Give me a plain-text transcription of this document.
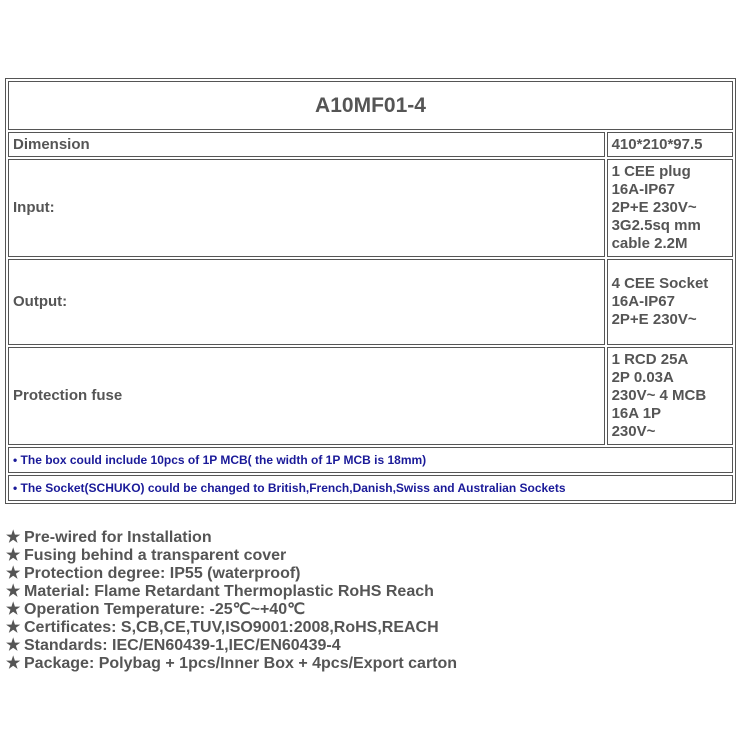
A10MF01-4	
Dimension	410*210*97.5
Input:	1 CEE plug
16A-IP67
2P+E 230V~
3G2.5sq mm
cable 2.2M
Output:	4 CEE Socket
16A-IP67
2P+E 230V~
Protection fuse	1 RCD 25A
2P 0.03A
230V~ 4 MCB
16A 1P
230V~
• The box could include 10pcs of 1P MCB( the width of 1P MCB is 18mm)	
• The Socket(SCHUKO) could be changed to British,French,Danish,Swiss and Australian Sockets	
★ Pre-wired for Installation
★ Fusing behind a transparent cover
★ Protection degree: IP55 (waterproof)
★ Material: Flame Retardant Thermoplastic RoHS Reach
★ Operation Temperature: -25℃~+40℃
★ Certificates: S,CB,CE,TUV,ISO9001:2008,RoHS,REACH
★ Standards: IEC/EN60439-1,IEC/EN60439-4
★ Package: Polybag + 1pcs/Inner Box + 4pcs/Export carton
